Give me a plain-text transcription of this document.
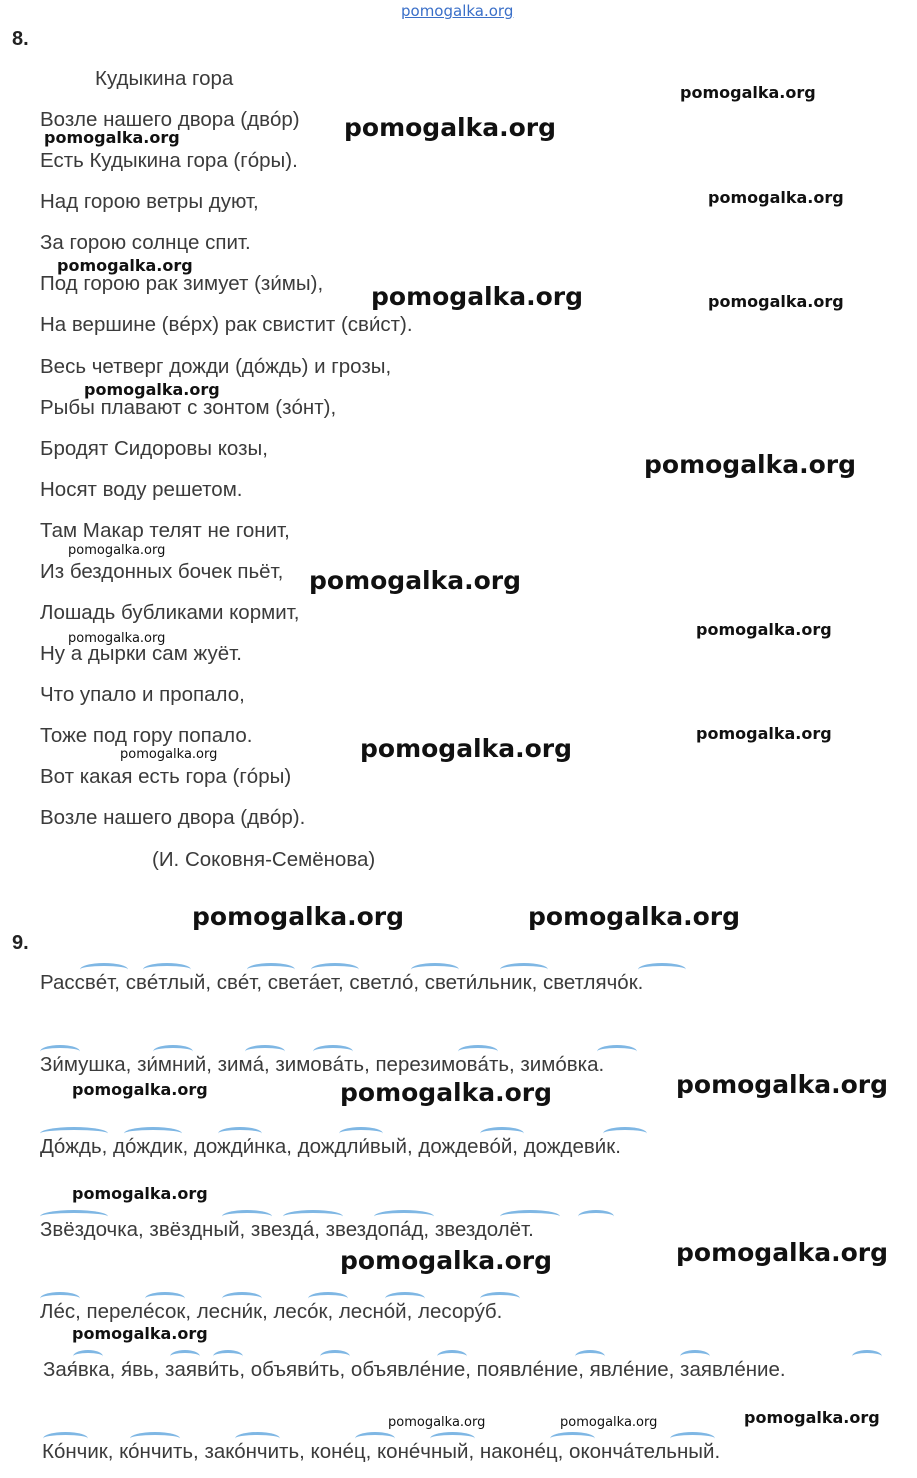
pomogalka.org
8.
Кудыкина гора
Возле нашего двора (двóр)
Есть Кудыкина гора (гóры).
Над горою ветры дуют,
За горою солнце спит.
Под горою рак зимует (зи́мы),
На вершине (вéрх) рак свистит (сви́ст).
Весь четверг дожди (дóждь) и грозы,
Рыбы плавают с зонтом (зóнт),
Бродят Сидоровы козы,
Носят воду решетом.
Там Макар телят не гонит,
Из бездонных бочек пьёт,
Лошадь бубликами кормит,
Ну а дырки сам жуёт.
Что упало и пропало,
Тоже под гору попало.
Вот какая есть гора (гóры)
Возле нашего двора (двóр).
(И. Соковня-Семёнова)
9.
Рассвéт, свéтлый, свéт, светáет, светлó, свети́льник, светлячóк.
Зи́мушка, зи́мний, зимá, зимовáть, перезимовáть, зимóвка.
Дóждь, дóждик, дожди́нка, дождли́вый, дождевóй, дождеви́к.
Звёздочка, звёздный, звездá, звездопáд, звездолёт.
Лéс, перелéсок, лесни́к, лесóк, леснóй, лесорýб.
Зая́вка, я́вь, заяви́ть, объяви́ть, объявлéние, появлéние, явлéние, заявлéние.
Кóнчик, кóнчить, закóнчить, конéц, конéчный, наконéц, окончáтельный.
pomogalka.org
pomogalka.org	pomogalka.org
pomogalka.org
pomogalka.org
pomogalka.org	pomogalka.org
pomogalka.org
pomogalka.org
pomogalka.org
pomogalka.org
pomogalka.org
pomogalka.org
pomogalka.org
pomogalka.org	pomogalka.org
pomogalka.org	pomogalka.org
pomogalka.org	pomogalka.org	pomogalka.org
pomogalka.org
pomogalka.org	pomogalka.org
pomogalka.org
pomogalka.org	pomogalka.org	pomogalka.org
